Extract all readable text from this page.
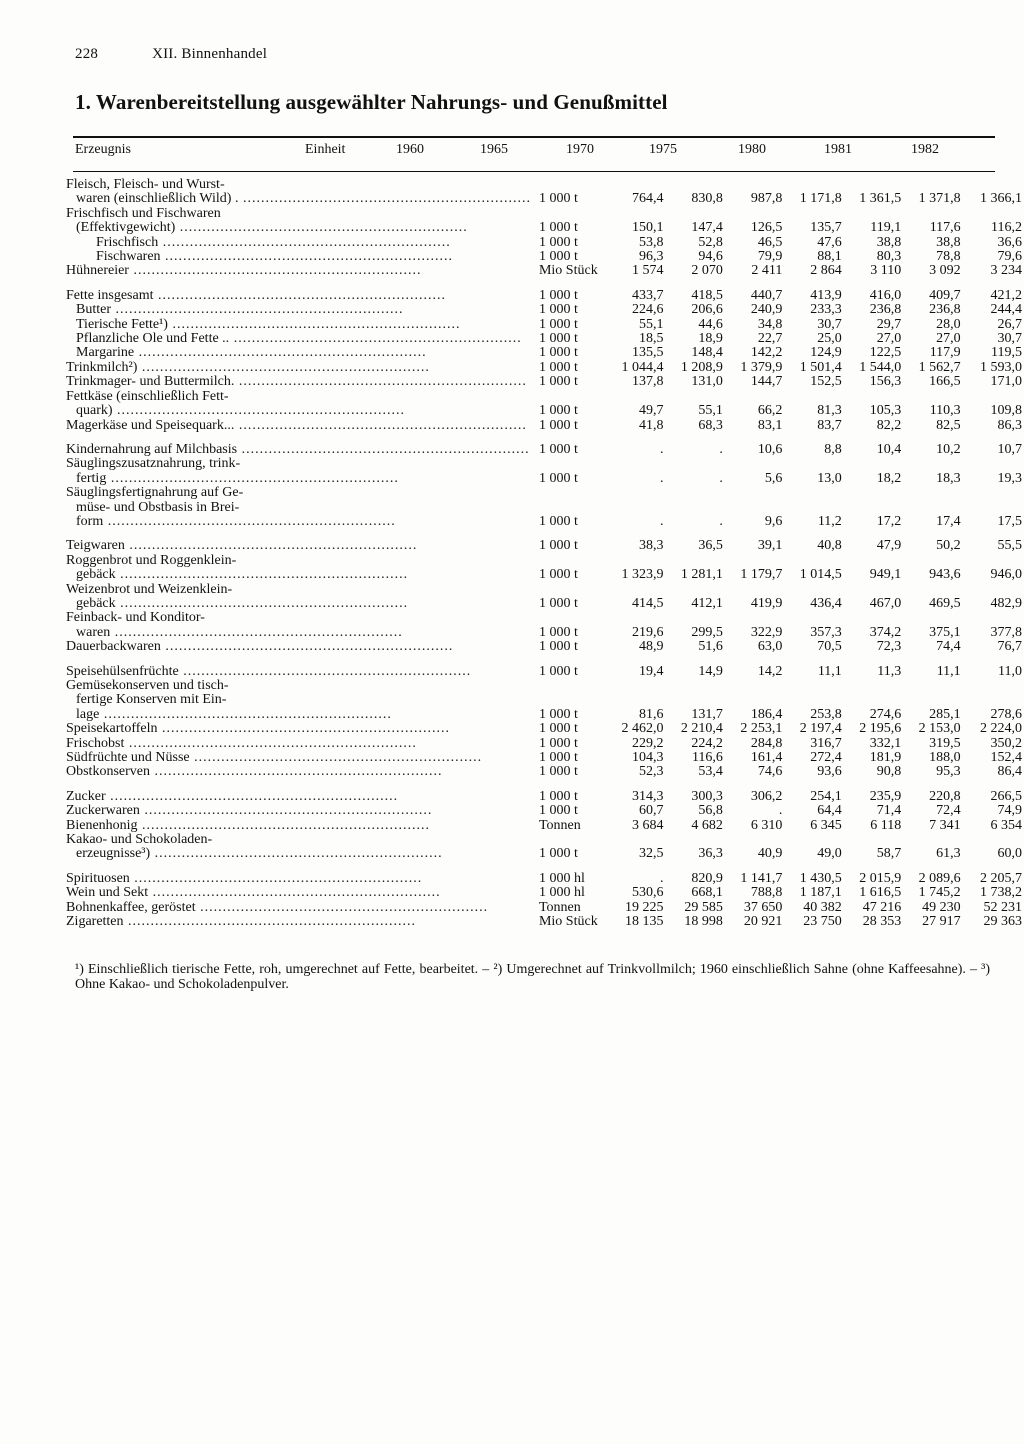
228	XII. Binnenhandel
1. Warenbereitstellung ausgewählter Nahrungs- und Genußmittel
Erzeugnis	Einheit	1960	1965	1970	1975	1980	1981	1982
Fleisch, Fleisch- und Wurst-
waren (einschließlich Wild) . .....	1 000 t	764,4	830,8	987,8	1 171,8	1 361,5	1 371,8	1 366,1

Frischfisch und Fischwaren
(Effektivgewicht) .....	1 000 t	150,1	147,4	126,5	135,7	119,1	117,6	116,2

Frischfisch .....	1 000 t	53,8	52,8	46,5	47,6	38,8	38,8	36,6

Fischwaren .....	1 000 t	96,3	94,6	79,9	88,1	80,3	78,8	79,6

Hühnereier .....	Mio Stück	1 574	2 070	2 411	2 864	3 110	3 092	3 234

Fette insgesamt .....	1 000 t	433,7	418,5	440,7	413,9	416,0	409,7	421,2

Butter .....	1 000 t	224,6	206,6	240,9	233,3	236,8	236,8	244,4

Tierische Fette¹) .....	1 000 t	55,1	44,6	34,8	30,7	29,7	28,0	26,7

Pflanzliche Öle und Fette .. .....	1 000 t	18,5	18,9	22,7	25,0	27,0	27,0	30,7

Margarine .....	1 000 t	135,5	148,4	142,2	124,9	122,5	117,9	119,5

Trinkmilch²) .....	1 000 t	1 044,4	1 208,9	1 379,9	1 501,4	1 544,0	1 562,7	1 593,0

Trinkmager- und Buttermilch. .....	1 000 t	137,8	131,0	144,7	152,5	156,3	166,5	171,0

Fettkäse (einschließlich Fett-
quark) .....	1 000 t	49,7	55,1	66,2	81,3	105,3	110,3	109,8

Magerkäse und Speisequark... .....	1 000 t	41,8	68,3	83,1	83,7	82,2	82,5	86,3

Kindernahrung auf Milchbasis .....	1 000 t	.	.	10,6	8,8	10,4	10,2	10,7

Säuglingszusatznahrung, trink-
fertig .....	1 000 t	.	.	5,6	13,0	18,2	18,3	19,3

Säuglingsfertignahrung auf Ge-
müse- und Obstbasis in Brei-
form .....	1 000 t	.	.	9,6	11,2	17,2	17,4	17,5

Teigwaren .....	1 000 t	38,3	36,5	39,1	40,8	47,9	50,2	55,5

Roggenbrot und Roggenklein-
gebäck .....	1 000 t	1 323,9	1 281,1	1 179,7	1 014,5	949,1	943,6	946,0

Weizenbrot und Weizenklein-
gebäck .....	1 000 t	414,5	412,1	419,9	436,4	467,0	469,5	482,9

Feinback- und Konditor-
waren .....	1 000 t	219,6	299,5	322,9	357,3	374,2	375,1	377,8

Dauerbackwaren .....	1 000 t	48,9	51,6	63,0	70,5	72,3	74,4	76,7

Speisehülsenfrüchte .....	1 000 t	19,4	14,9	14,2	11,1	11,3	11,1	11,0

Gemüsekonserven und tisch-
fertige Konserven mit Ein-
lage .....	1 000 t	81,6	131,7	186,4	253,8	274,6	285,1	278,6

Speisekartoffeln .....	1 000 t	2 462,0	2 210,4	2 253,1	2 197,4	2 195,6	2 153,0	2 224,0

Frischobst .....	1 000 t	229,2	224,2	284,8	316,7	332,1	319,5	350,2

Südfrüchte und Nüsse .....	1 000 t	104,3	116,6	161,4	272,4	181,9	188,0	152,4

Obstkonserven .....	1 000 t	52,3	53,4	74,6	93,6	90,8	95,3	86,4

Zucker .....	1 000 t	314,3	300,3	306,2	254,1	235,9	220,8	266,5

Zuckerwaren .....	1 000 t	60,7	56,8	.	64,4	71,4	72,4	74,9

Bienenhonig .....	Tonnen	3 684	4 682	6 310	6 345	6 118	7 341	6 354

Kakao- und Schokoladen-
erzeugnisse³) .....	1 000 t	32,5	36,3	40,9	49,0	58,7	61,3	60,0

Spirituosen .....	1 000 hl	.	820,9	1 141,7	1 430,5	2 015,9	2 089,6	2 205,7

Wein und Sekt .....	1 000 hl	530,6	668,1	788,8	1 187,1	1 616,5	1 745,2	1 738,2

Bohnenkaffee, geröstet .....	Tonnen	19 225	29 585	37 650	40 382	47 216	49 230	52 231

Zigaretten .....	Mio Stück	18 135	18 998	20 921	23 750	28 353	27 917	29 363
¹) Einschließlich tierische Fette, roh, umgerechnet auf Fette, bearbeitet. – ²) Umgerechnet auf Trinkvollmilch; 1960 einschließlich Sahne (ohne Kaffeesahne). – ³) Ohne Kakao- und Schokoladenpulver.
